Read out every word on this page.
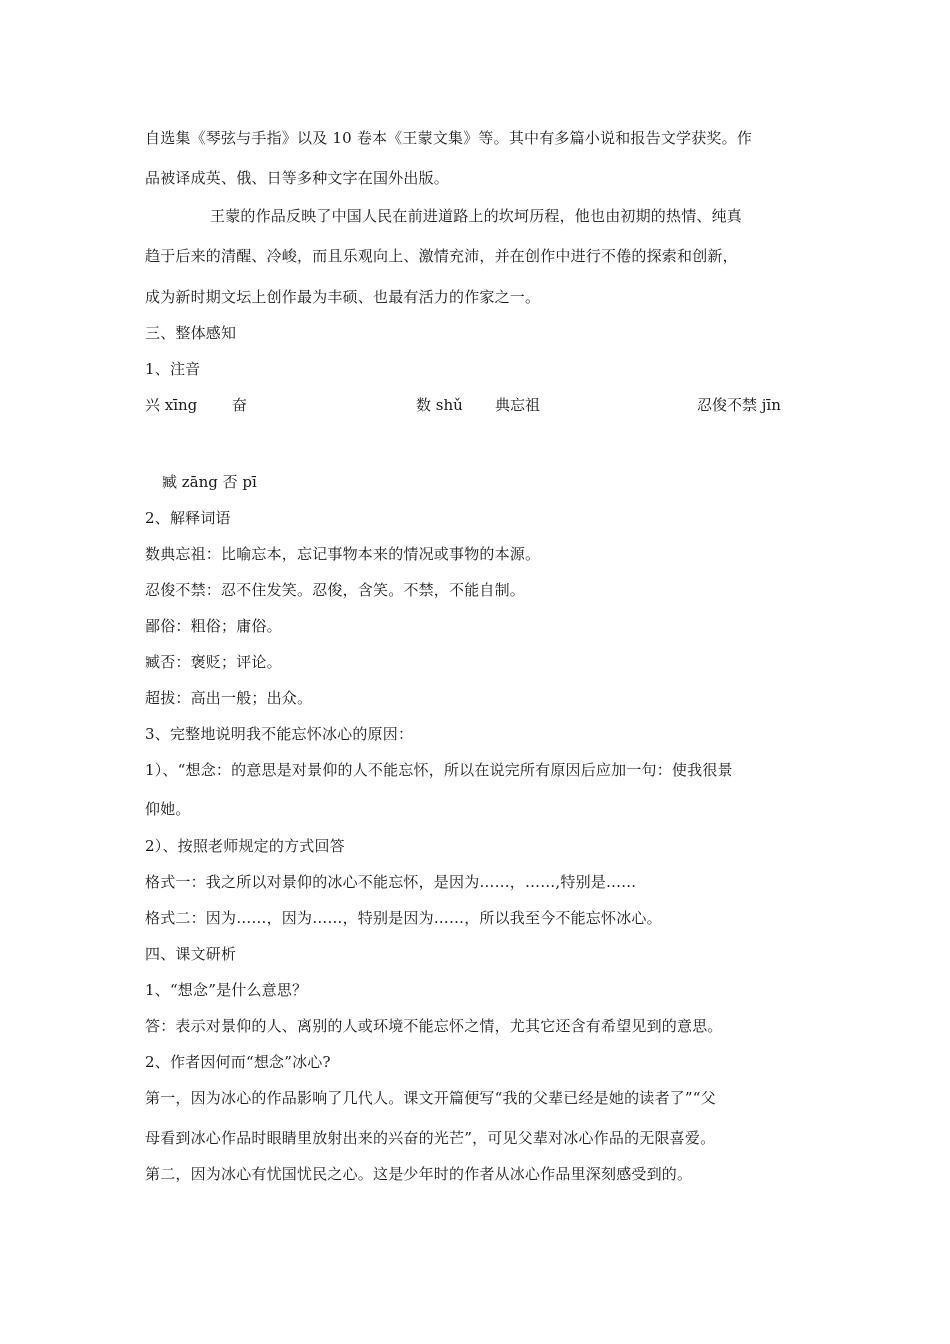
自选集《琴弦与手指》以及 10 卷本《王蒙文集》等。其中有多篇小说和报告文学获奖。作
品被译成英、俄、日等多种文字在国外出版。
王蒙的作品反映了中国人民在前进道路上的坎坷历程，他也由初期的热情、纯真
趋于后来的清醒、冷峻，而且乐观向上、激情充沛，并在创作中进行不倦的探索和创新，
成为新时期文坛上创作最为丰硕、也最有活力的作家之一。
三、整体感知
1、注音
兴 xīng 奋	数 shǔ 典忘祖	忍俊不禁 jīn
臧 zāng 否 pī
2、解释词语
数典忘祖：比喻忘本，忘记事物本来的情况或事物的本源。
忍俊不禁：忍不住发笑。忍俊，含笑。不禁，不能自制。
鄙俗：粗俗；庸俗。
臧否：褒贬；评论。
超拔：高出一般；出众。
3、完整地说明我不能忘怀冰心的原因：
1）、“想念：的意思是对景仰的人不能忘怀，所以在说完所有原因后应加一句：使我很景
仰她。
2）、按照老师规定的方式回答
格式一：我之所以对景仰的冰心不能忘怀，是因为……，……,特别是……
格式二：因为……，因为……，特别是因为……，所以我至今不能忘怀冰心。
四、课文研析
1、“想念”是什么意思？
答：表示对景仰的人、离别的人或环境不能忘怀之情，尤其它还含有希望见到的意思。
2、作者因何而“想念”冰心?
第一，因为冰心的作品影响了几代人。课文开篇便写“我的父辈已经是她的读者了”“父
母看到冰心作品时眼睛里放射出来的兴奋的光芒”，可见父辈对冰心作品的无限喜爱。
第二，因为冰心有忧国忧民之心。这是少年时的作者从冰心作品里深刻感受到的。
